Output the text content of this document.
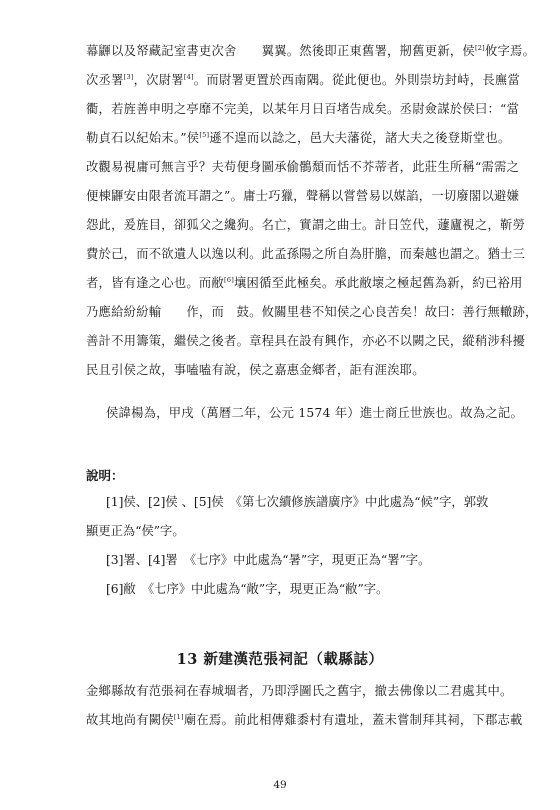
幕鼲以及帑藏記室書吏次舍　　翼翼。然後即正東舊署，剏舊更新，侯[2]攸字焉。
次丞署[3]，次尉署[4]。而尉署更置於西南隅。從此便也。外則崇坊封峙，長廡當
衢，若旌善申明之亭靡不完美，以某年月日百堵告成矣。丞尉僉謀於侯曰：“當
勒貞石以紀始末。”侯[5]遜不遑而以諗之，邑大夫藩從，諸大夫之後登斯堂也。
改觀易視庸可無言乎？夫苟便身圖承偷鶻頹而恬不芥蒂者，此莊生所稱“需需之
便棟鼲安由限者流耳謂之”。庸士巧獵，聲稱以嘗營易以媒諂，一切廢閣以避嫌
怨此，爰旌目，卻狐父之纔狗。名亡，實謂之曲士。計日笠代，蘧廬視之，靳勞
費於己，而不欲遺人以逸以利。此孟孫陽之所自為肝膽，而秦越也謂之。猶士三
者，皆有逢之心也。而敝[6]壤困循至此極矣。承此敝壞之極起舊為新，約已裕用
乃應給紛紛輸　　作，而　鼓。攸關里巷不知侯之心良苦矣！故曰：善行無轍跡，
善計不用籌策，繼侯之後者。章程具在設有興作，亦必不以闕之民，縱稍涉科擾
民且引侯之故，事嗑嗑有說，侯之嘉惠金鄉者，詎有涯涘耶。
侯諱楊為，甲戌（萬曆二年，公元 1574 年）進士商丘世族也。故為之記。
說明：
[1]侯、[2]侯 、[5]侯　《第七次續修族譜廣序》中此處為“候”字，郭敦
顯更正為“侯”字。
[3]署、[4]署　《七序》中此處為“暑”字，現更正為“署”字。
[6]敝　《七序》中此處為“敞”字，現更正為“敝”字。
13 新建漢范張祠記（載縣誌）
金鄉縣故有范張祠在春城堌者，乃即浮圖氏之舊宇，撤去佛像以二君處其中。
故其地尚有闕侯[1]廟在焉。前此相傳雞黍村有遺址，蓋未嘗制拜其祠，下郡志載
49
